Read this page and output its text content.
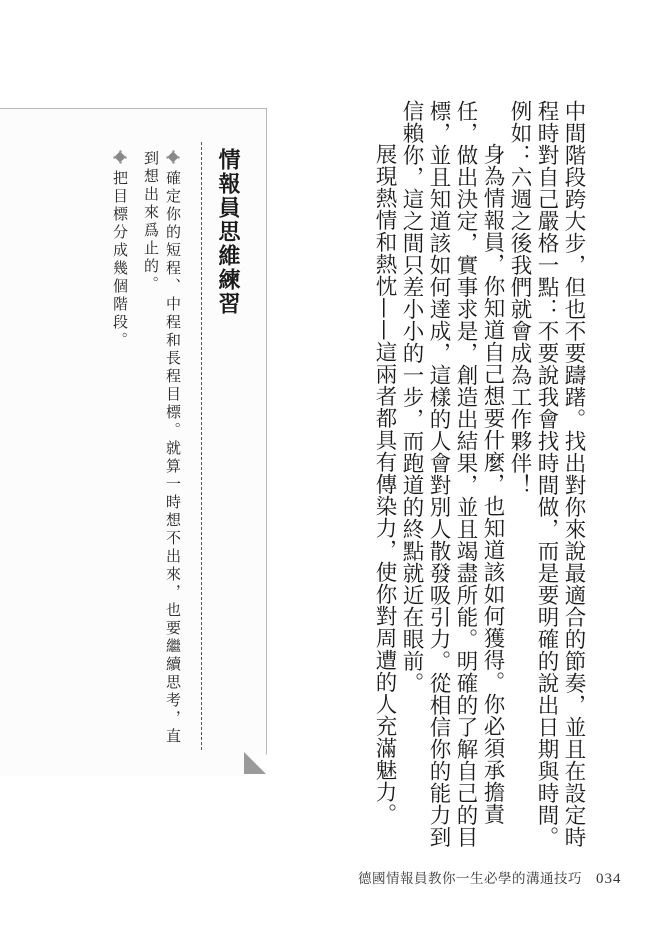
中間階段跨大步，但也不要躊躇。找出對你來說最適合的節奏，並且在設定時程時對自己嚴格一點：不要說我會找時間做，而是要明確的說出日期與時間。例如：六週之後我們就會成為工作夥伴！

身為情報員，你知道自己想要什麼，也知道該如何獲得。你必須承擔責任，做出決定，實事求是，創造出結果，並且竭盡所能。明確的了解自己的目標，並且知道該如何達成，這樣的人會對別人散發吸引力。從相信你的能力到信賴你，這之間只差小小的一步，而跑道的終點就近在眼前。

展現熱情和熱忱——這兩者都具有傳染力，使你對周遭的人充滿魅力。

情報員思維練習
確定你的短程、中程和長程目標。就算一時想不出來，也要繼續思考，直到想出來爲止的。
把目標分成幾個階段。
德國情報員教你一生必學的溝通技巧 034
